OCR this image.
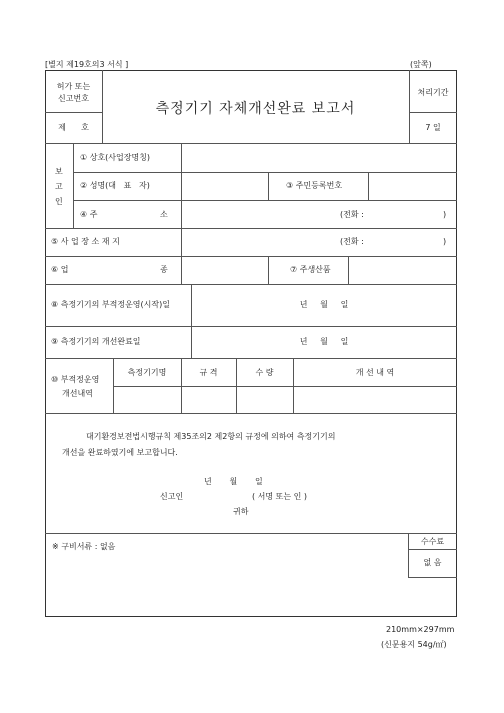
[별지 제19호의3 서식 ]	(앞쪽)
허가 또는
신고번호
제      호
측정기기 자체개선완료 보고서
처리기간
7 일
보
고
인
① 상호(사업장명칭)
② 성명(대   표   자)	③ 주민등록번호
④ 주	소	(전화 :	)
⑤ 사 업 장 소 재 지	(전화 :	)
⑥ 업	종	⑦ 주생산품
⑧ 측정기기의 부적정운영(시작)일	년     월     일
⑨ 측정기기의 개선완료일	년     월     일
⑩ 부적정운영
개선내역
측정기기명	규 격	수 량	개 선 내 역
대기환경보전법시행규칙 제35조의2 제2항의 규정에 의하여 측정기기의
개선을 완료하였기에 보고합니다.
년       월       일
신고인	( 서명 또는 인 )
귀하
※ 구비서류 : 없음
수수료
없 음
210mm×297mm
(신문용지 54g/㎡)
